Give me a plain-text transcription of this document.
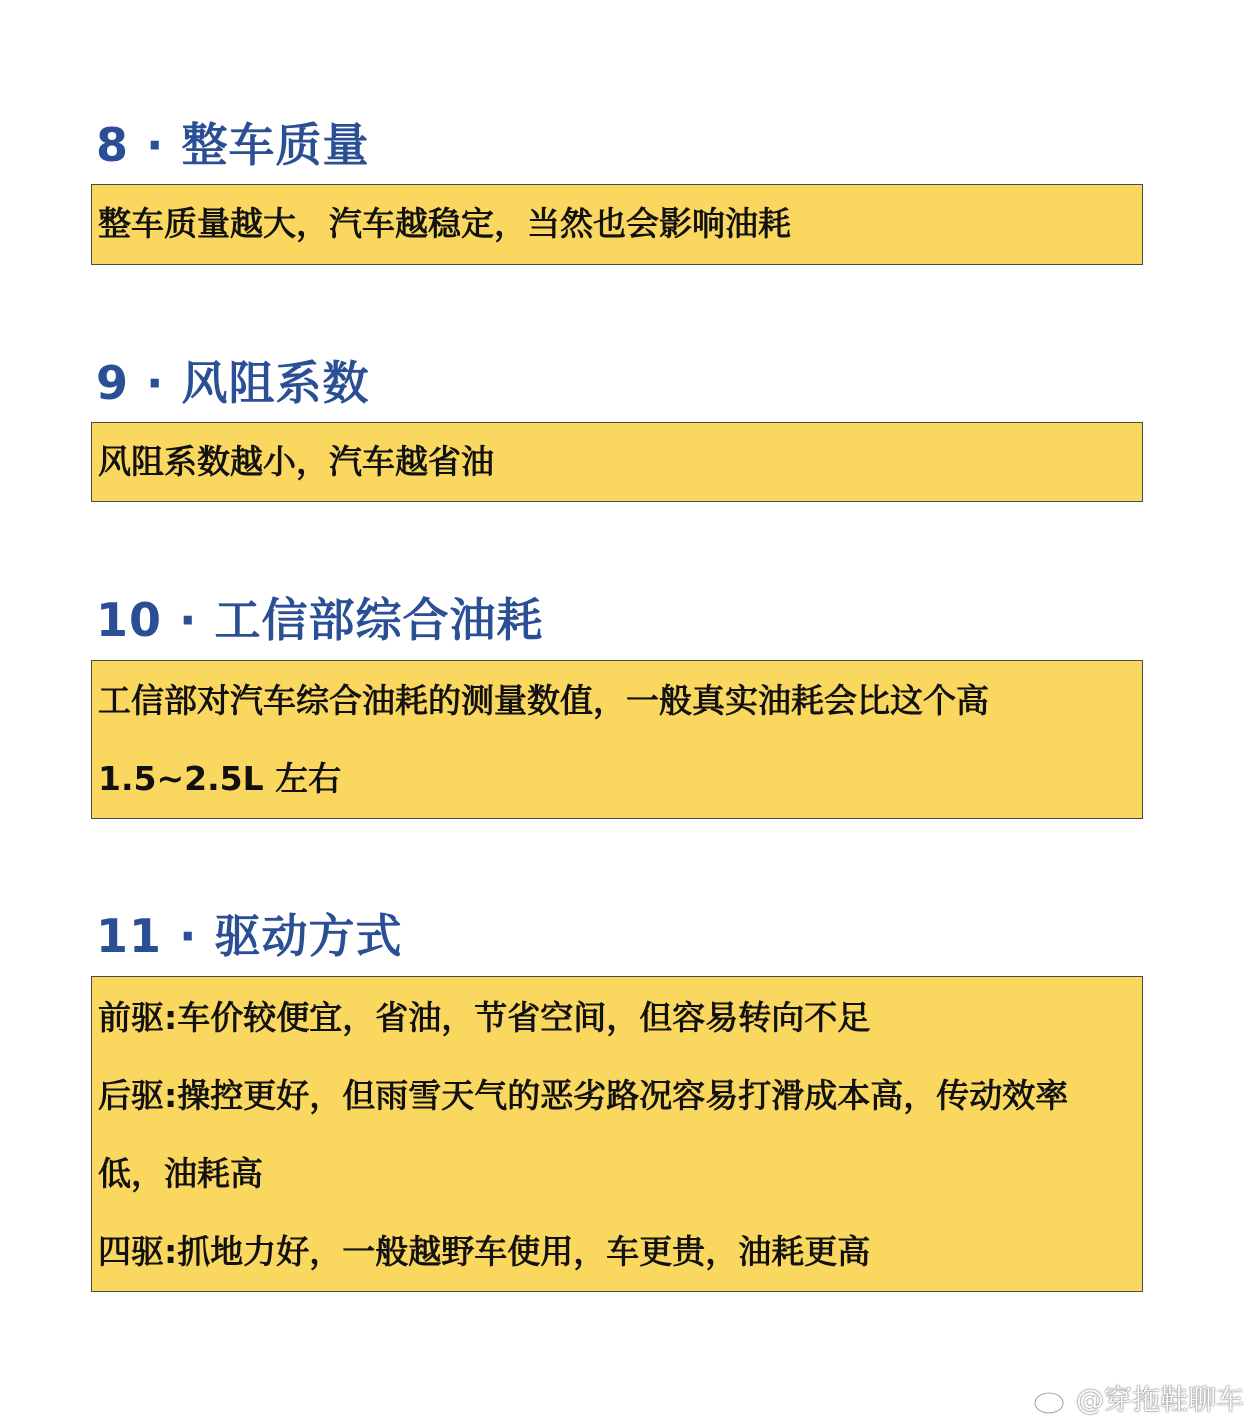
8 · 整车质量

整车质量越大，汽车越稳定，当然也会影响油耗

9 · 风阻系数

风阻系数越小，汽车越省油

10 · 工信部综合油耗

工信部对汽车综合油耗的测量数值，一般真实油耗会比这个高

1.5~2.5L 左右

11 · 驱动方式

前驱:车价较便宜，省油，节省空间，但容易转向不足

后驱:操控更好，但雨雪天气的恶劣路况容易打滑成本高，传动效率

低，油耗高

四驱:抓地力好，一般越野车使用，车更贵，油耗更高

@穿拖鞋聊车
